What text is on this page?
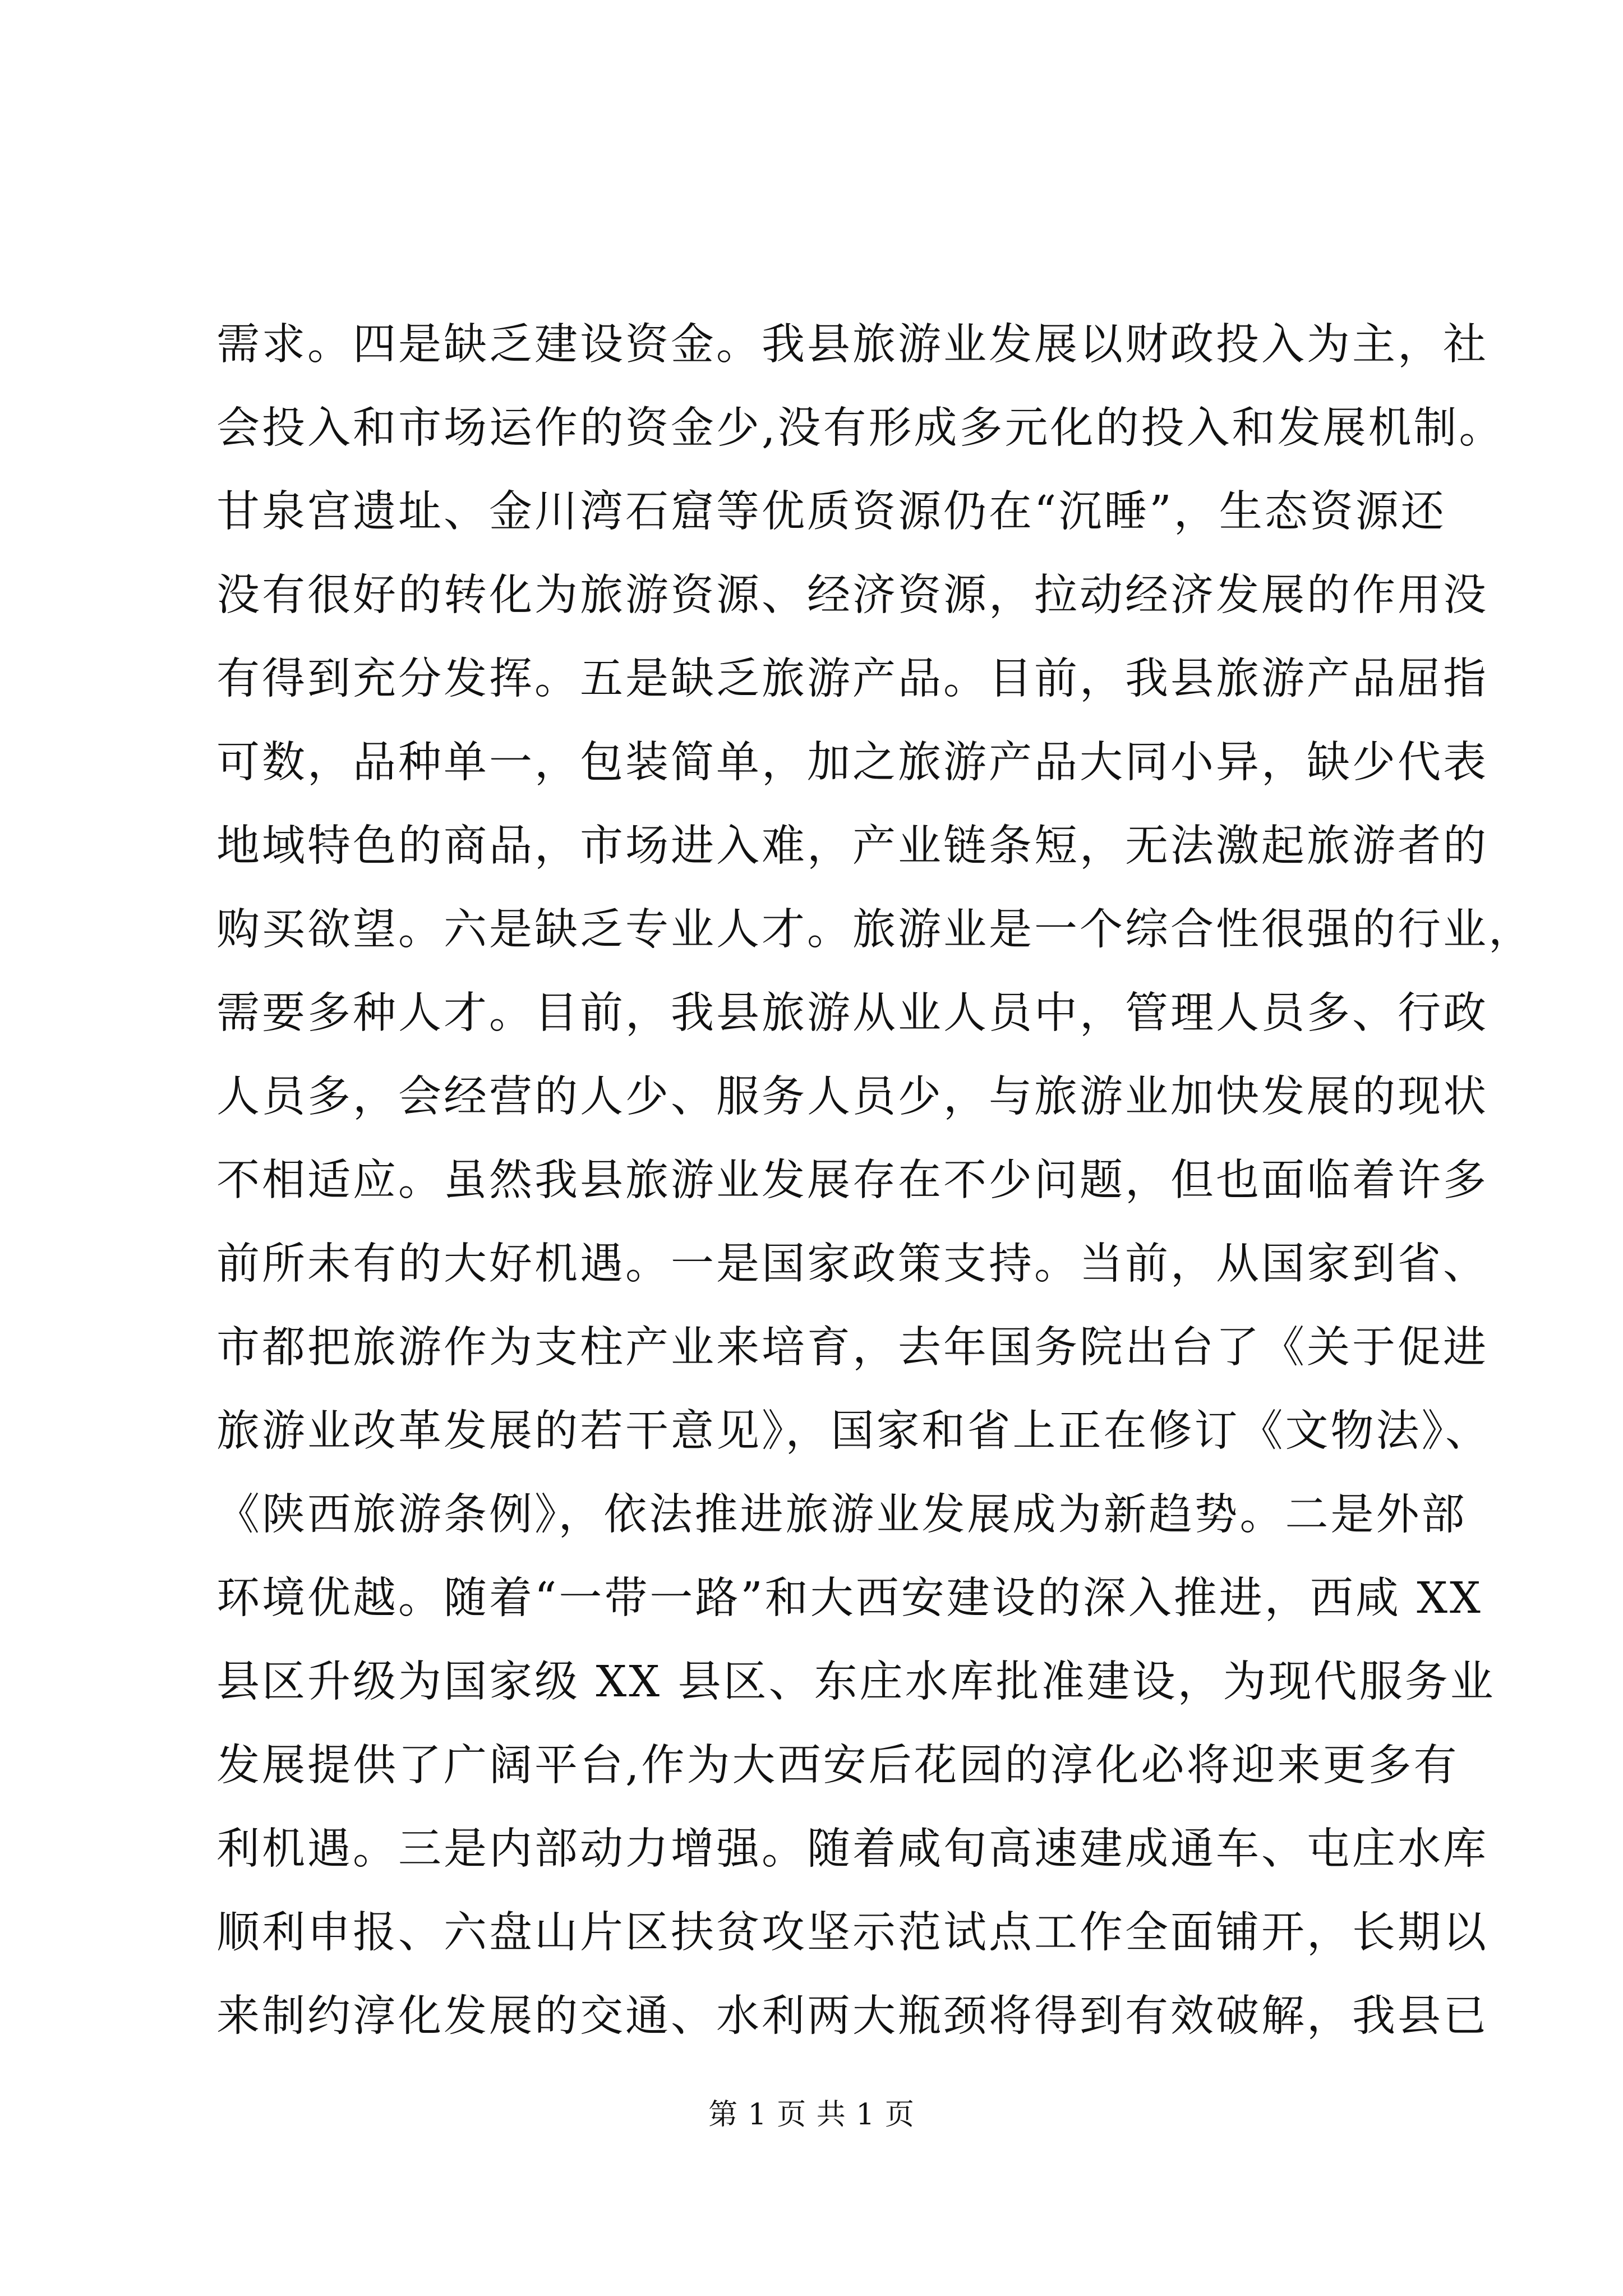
需求。四是缺乏建设资金。我县旅游业发展以财政投入为主，社
会投入和市场运作的资金少,没有形成多元化的投入和发展机制。
甘泉宫遗址、金川湾石窟等优质资源仍在“沉睡”，生态资源还
没有很好的转化为旅游资源、经济资源，拉动经济发展的作用没
有得到充分发挥。五是缺乏旅游产品。目前，我县旅游产品屈指
可数，品种单一，包装简单，加之旅游产品大同小异，缺少代表
地域特色的商品，市场进入难，产业链条短，无法激起旅游者的
购买欲望。六是缺乏专业人才。旅游业是一个综合性很强的行业，
需要多种人才。目前，我县旅游从业人员中，管理人员多、行政
人员多，会经营的人少、服务人员少，与旅游业加快发展的现状
不相适应。虽然我县旅游业发展存在不少问题，但也面临着许多
前所未有的大好机遇。一是国家政策支持。当前，从国家到省、
市都把旅游作为支柱产业来培育，去年国务院出台了《关于促进
旅游业改革发展的若干意见》，国家和省上正在修订《文物法》、
《陕西旅游条例》，依法推进旅游业发展成为新趋势。二是外部
环境优越。随着“一带一路”和大西安建设的深入推进，西咸 XX
县区升级为国家级 XX 县区、东庄水库批准建设，为现代服务业
发展提供了广阔平台,作为大西安后花园的淳化必将迎来更多有
利机遇。三是内部动力增强。随着咸旬高速建成通车、屯庄水库
顺利申报、六盘山片区扶贫攻坚示范试点工作全面铺开，长期以
来制约淳化发展的交通、水利两大瓶颈将得到有效破解，我县已
第 1 页 共 1 页
